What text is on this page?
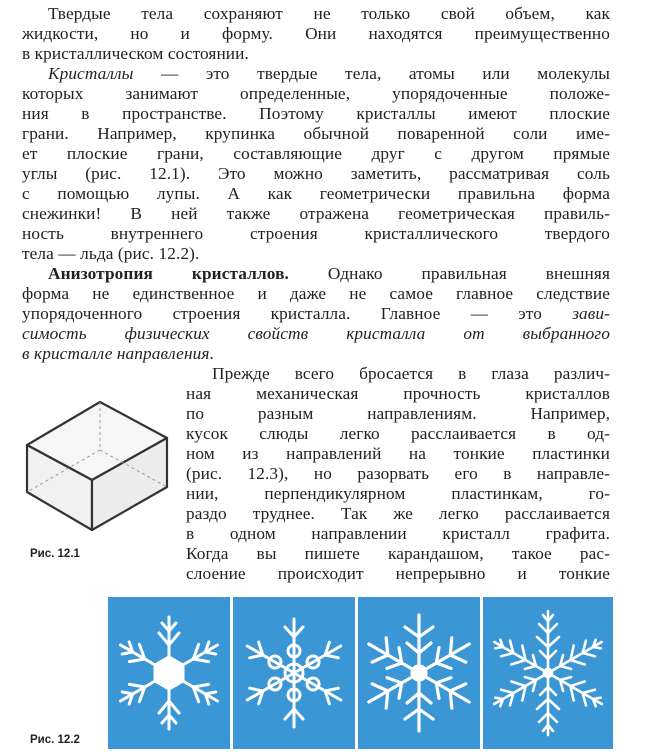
Твердые тела сохраняют не только свой объем, как
жидкости, но и форму. Они находятся преимущественно
в кристаллическом состоянии.
Кристаллы — это твердые тела, атомы или молекулы
которых занимают определенные, упорядоченные положе-
ния в пространстве. Поэтому кристаллы имеют плоские
грани. Например, крупинка обычной поваренной соли име-
ет плоские грани, составляющие друг с другом прямые
углы (рис. 12.1). Это можно заметить, рассматривая соль
с помощью лупы. А как геометрически правильна форма
снежинки! В ней также отражена геометрическая правиль-
ность внутреннего строения кристаллического твердого
тела — льда (рис. 12.2).
Анизотропия кристаллов. Однако правильная внешняя
форма не единственное и даже не самое главное следствие
упорядоченного строения кристалла. Главное — это зави-
симость физических свойств кристалла от выбранного
в кристалле направления.
Прежде всего бросается в глаза различ-
ная механическая прочность кристаллов
по разным направлениям. Например,
кусок слюды легко расслаивается в од-
ном из направлений на тонкие пластинки
(рис. 12.3), но разорвать его в направле-
нии, перпендикулярном пластинкам, го-
раздо труднее. Так же легко расслаивается
в одном направлении кристалл графита.
Когда вы пишете карандашом, такое рас-
слоение происходит непрерывно и тонкие
Рис. 12.1
Рис. 12.2
